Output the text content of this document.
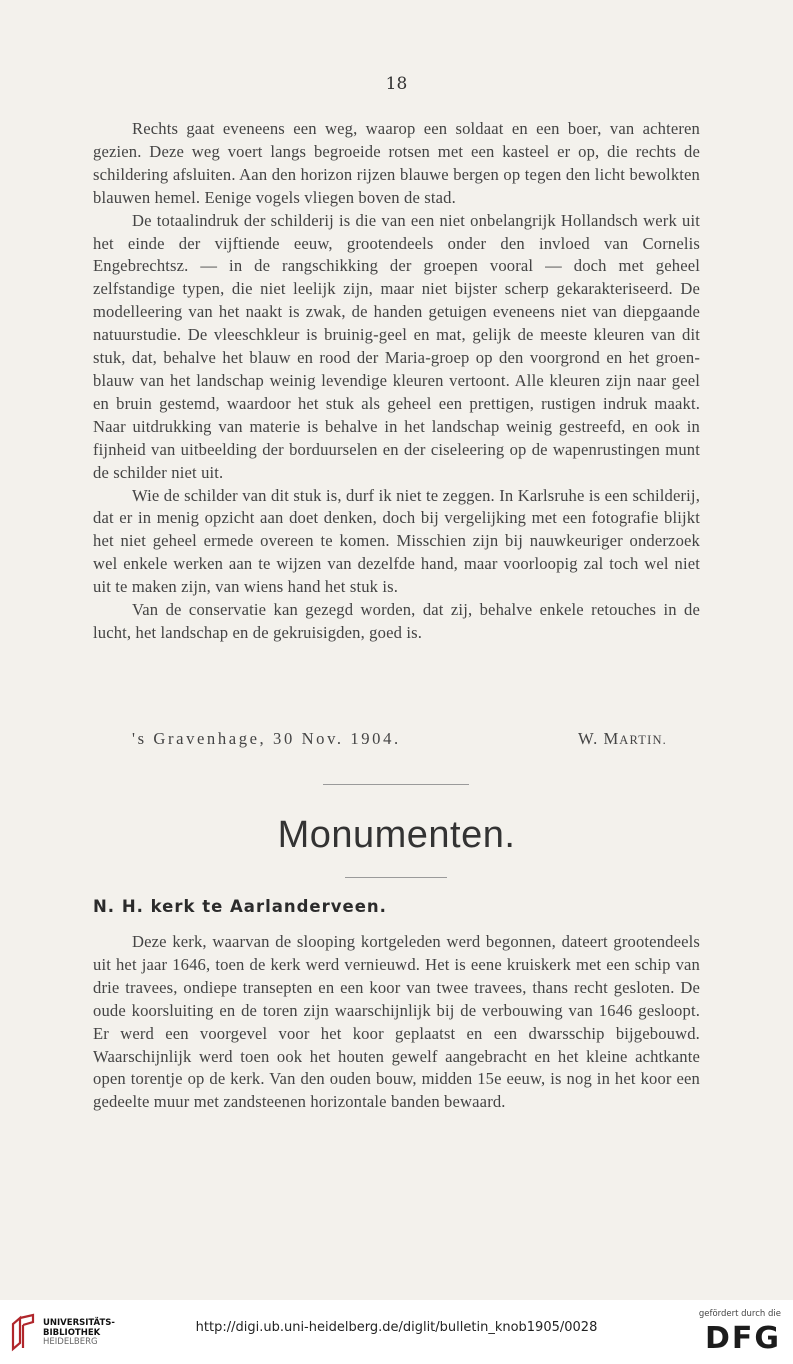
18

Rechts gaat eveneens een weg, waarop een soldaat en een boer, van achteren gezien. Deze weg voert langs begroeide rotsen met een kasteel er op, die rechts de schildering afsluiten. Aan den horizon rijzen blauwe bergen op tegen den licht bewolkten blauwen hemel. Eenige vogels vliegen boven de stad.

De totaalindruk der schilderij is die van een niet onbelangrijk Hollandsch werk uit het einde der vijftiende eeuw, grootendeels onder den invloed van Cornelis Engebrechtsz. — in de rangschikking der groepen vooral — doch met geheel zelfstandige typen, die niet leelijk zijn, maar niet bijster scherp gekarakteriseerd. De modelleering van het naakt is zwak, de handen getuigen eveneens niet van diepgaande natuurstudie. De vleeschkleur is bruinig-geel en mat, gelijk de meeste kleuren van dit stuk, dat, behalve het blauw en rood der Maria-groep op den voorgrond en het groen-blauw van het landschap weinig levendige kleuren vertoont. Alle kleuren zijn naar geel en bruin gestemd, waardoor het stuk als geheel een prettigen, rustigen indruk maakt. Naar uitdrukking van materie is behalve in het landschap weinig gestreefd, en ook in fijnheid van uitbeelding der borduurselen en der ciseleering op de wapenrustingen munt de schilder niet uit.

Wie de schilder van dit stuk is, durf ik niet te zeggen. In Karlsruhe is een schilderij, dat er in menig opzicht aan doet denken, doch bij vergelijking met een fotografie blijkt het niet geheel ermede overeen te komen. Misschien zijn bij nauwkeuriger onderzoek wel enkele werken aan te wijzen van dezelfde hand, maar voorloopig zal toch wel niet uit te maken zijn, van wiens hand het stuk is.

Van de conservatie kan gezegd worden, dat zij, behalve enkele retouches in de lucht, het landschap en de gekruisigden, goed is.

's Gravenhage, 30 Nov. 1904.	W. MARTIN.
Monumenten.
N. H. kerk te Aarlanderveen.

Deze kerk, waarvan de slooping kortgeleden werd begonnen, dateert grootendeels uit het jaar 1646, toen de kerk werd vernieuwd. Het is eene kruiskerk met een schip van drie travees, ondiepe transepten en een koor van twee travees, thans recht gesloten. De oude koorsluiting en de toren zijn waarschijnlijk bij de verbouwing van 1646 gesloopt. Er werd een voorgevel voor het koor geplaatst en een dwarsschip bijgebouwd. Waarschijnlijk werd toen ook het houten gewelf aangebracht en het kleine achtkante open torentje op de kerk. Van den ouden bouw, midden 15e eeuw, is nog in het koor een gedeelte muur met zandsteenen horizontale banden bewaard.

UNIVERSITÄTS-
BIBLIOTHEK
HEIDELBERG
http://digi.ub.uni-heidelberg.de/diglit/bulletin_knob1905/0028
gefördert durch die
DFG
